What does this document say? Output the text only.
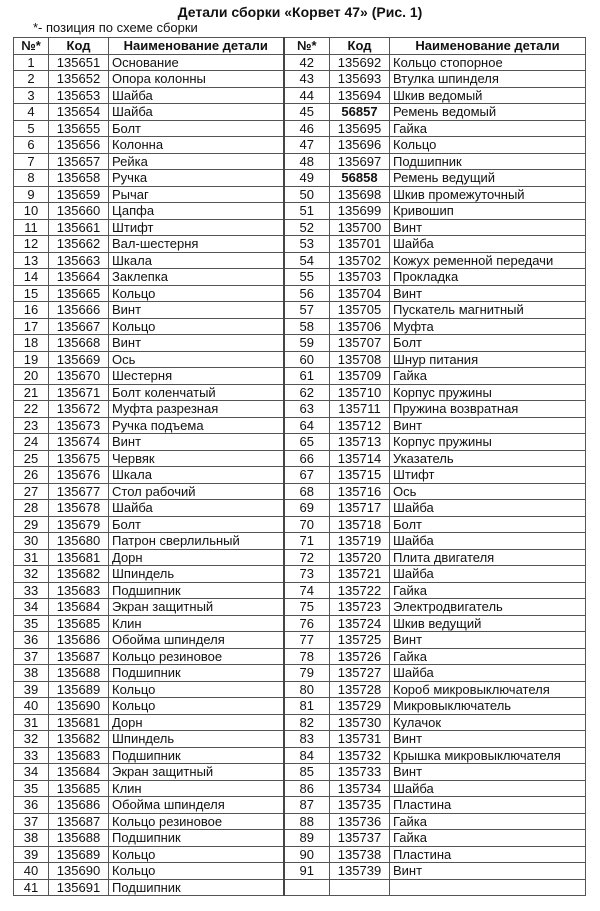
Детали сборки «Корвет 47» (Рис. 1)
*- позиция по схеме сборки
№*	Код	Наименование детали	№*	Код	Наименование детали
1	135651	Основание	42	135692	Кольцо стопорное
2	135652	Опора колонны	43	135693	Втулка шпинделя
3	135653	Шайба	44	135694	Шкив ведомый
4	135654	Шайба	45	56857	Ремень ведомый
5	135655	Болт	46	135695	Гайка
6	135656	Колонна	47	135696	Кольцо
7	135657	Рейка	48	135697	Подшипник
8	135658	Ручка	49	56858	Ремень ведущий
9	135659	Рычаг	50	135698	Шкив промежуточный
10	135660	Цапфа	51	135699	Кривошип
11	135661	Штифт	52	135700	Винт
12	135662	Вал-шестерня	53	135701	Шайба
13	135663	Шкала	54	135702	Кожух ременной передачи
14	135664	Заклепка	55	135703	Прокладка
15	135665	Кольцо	56	135704	Винт
16	135666	Винт	57	135705	Пускатель магнитный
17	135667	Кольцо	58	135706	Муфта
18	135668	Винт	59	135707	Болт
19	135669	Ось	60	135708	Шнур питания
20	135670	Шестерня	61	135709	Гайка
21	135671	Болт коленчатый	62	135710	Корпус пружины
22	135672	Муфта разрезная	63	135711	Пружина возвратная
23	135673	Ручка подъема	64	135712	Винт
24	135674	Винт	65	135713	Корпус пружины
25	135675	Червяк	66	135714	Указатель
26	135676	Шкала	67	135715	Штифт
27	135677	Стол рабочий	68	135716	Ось
28	135678	Шайба	69	135717	Шайба
29	135679	Болт	70	135718	Болт
30	135680	Патрон сверлильный	71	135719	Шайба
31	135681	Дорн	72	135720	Плита двигателя
32	135682	Шпиндель	73	135721	Шайба
33	135683	Подшипник	74	135722	Гайка
34	135684	Экран защитный	75	135723	Электродвигатель
35	135685	Клин	76	135724	Шкив ведущий
36	135686	Обойма шпинделя	77	135725	Винт
37	135687	Кольцо резиновое	78	135726	Гайка
38	135688	Подшипник	79	135727	Шайба
39	135689	Кольцо	80	135728	Короб микровыключателя
40	135690	Кольцо	81	135729	Микровыключатель
31	135681	Дорн	82	135730	Кулачок
32	135682	Шпиндель	83	135731	Винт
33	135683	Подшипник	84	135732	Крышка микровыключателя
34	135684	Экран защитный	85	135733	Винт
35	135685	Клин	86	135734	Шайба
36	135686	Обойма шпинделя	87	135735	Пластина
37	135687	Кольцо резиновое	88	135736	Гайка
38	135688	Подшипник	89	135737	Гайка
39	135689	Кольцо	90	135738	Пластина
40	135690	Кольцо	91	135739	Винт
41	135691	Подшипник			
